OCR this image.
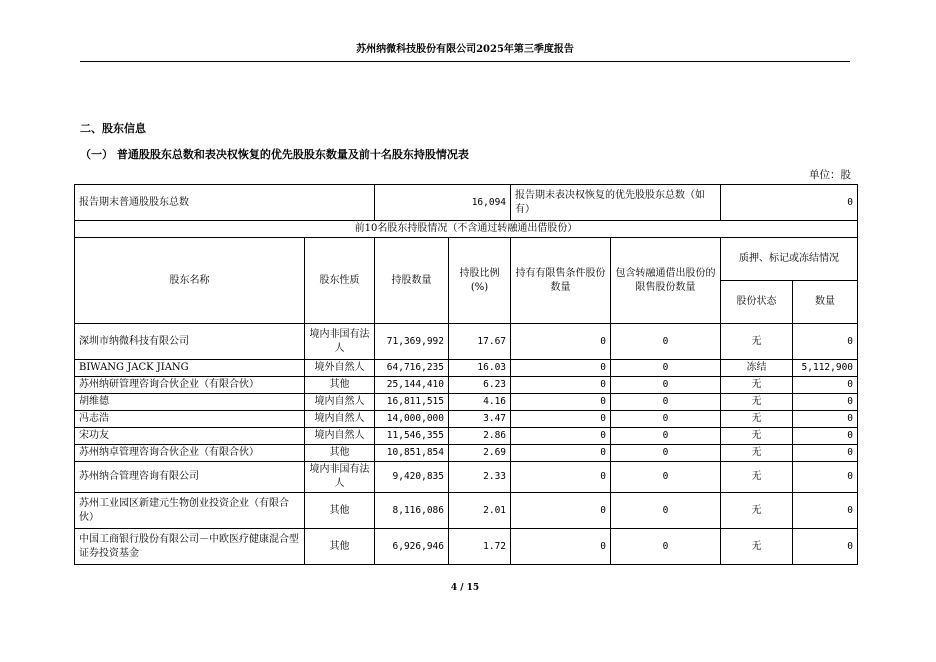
苏州纳微科技股份有限公司2025年第三季度报告
二、股东信息
（一） 普通股股东总数和表决权恢复的优先股股东数量及前十名股东持股情况表
单位：股
报告期末普通股股东总数		16,094		报告期末表决权恢复的优先股股东总数（如有）		0	
前10名股东持股情况（不含通过转融通出借股份）							
股东名称	股东性质	持股数量	持股比例(%)	持有有限售条件股份数量	包含转融通借出股份的限售股份数量	质押、标记或冻结情况	
						股份状态	数量
深圳市纳微科技有限公司	境内非国有法人	71,369,992	17.67	0	0	无	0
BIWANG JACK JIANG	境外自然人	64,716,235	16.03	0	0	冻结	5,112,900
苏州纳研管理咨询合伙企业（有限合伙）	其他	25,144,410	6.23	0	0	无	0
胡维德	境内自然人	16,811,515	4.16	0	0	无	0
冯志浩	境内自然人	14,000,000	3.47	0	0	无	0
宋功友	境内自然人	11,546,355	2.86	0	0	无	0
苏州纳卓管理咨询合伙企业（有限合伙）	其他	10,851,854	2.69	0	0	无	0
苏州纳合管理咨询有限公司	境内非国有法人	9,420,835	2.33	0	0	无	0
苏州工业园区新建元生物创业投资企业（有限合伙）	其他	8,116,086	2.01	0	0	无	0
中国工商银行股份有限公司－中欧医疗健康混合型证券投资基金	其他	6,926,946	1.72	0	0	无	0
4 / 15
